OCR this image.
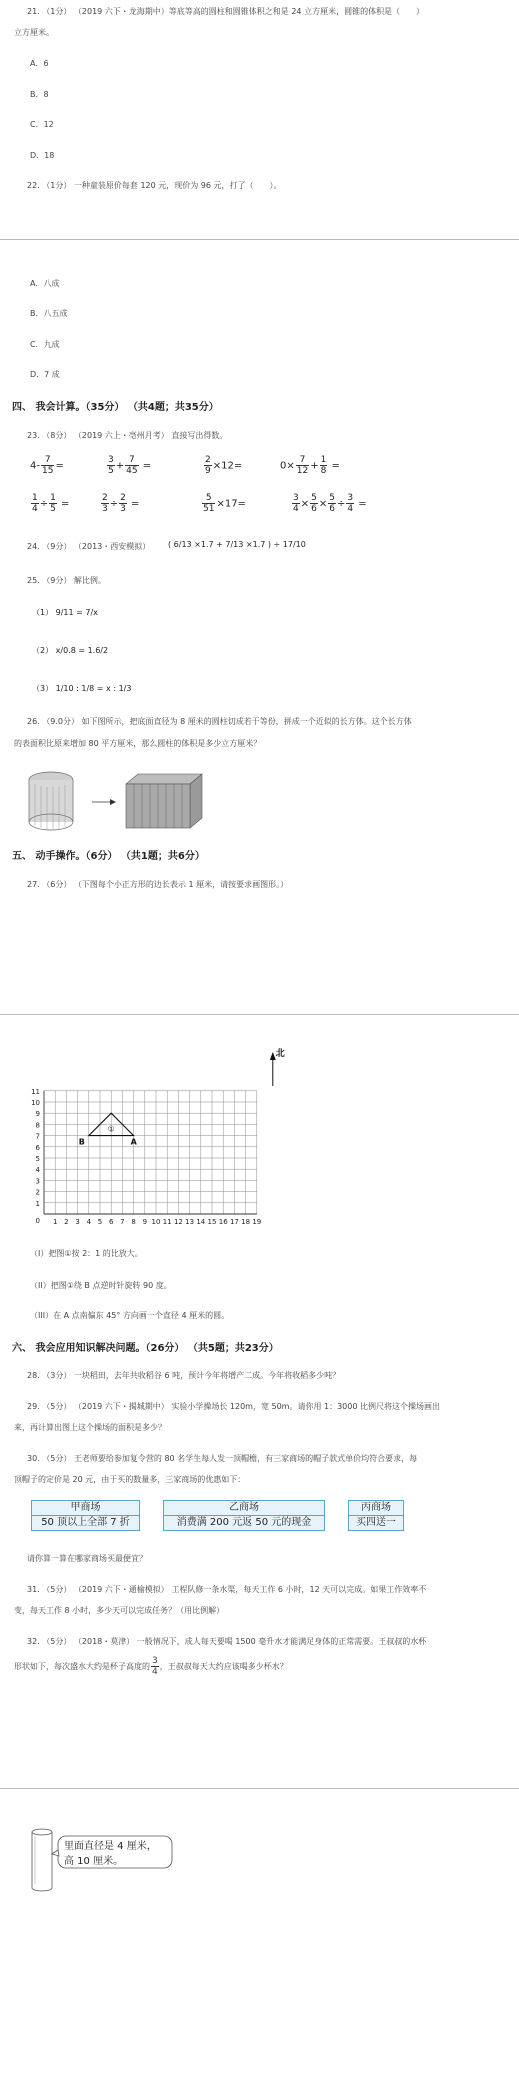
21. （1分） （2019 六下・龙海期中）等底等高的圆柱和圆锥体积之和是 24 立方厘米，圆锥的体积是（　　）
立方厘米。
A．6
B．8
C．12
D．18
22. （1分） 一种童装原价每套 120 元，现价为 96 元，打了（　　）。
A．八成
B．八五成
C．九成
D．7 成
四、 我会计算。（35分） （共4题；共35分）
23. （8分） （2019 六上・亳州月考） 直接写出得数。
$4- \frac{7}{15}$ =	$\frac{3}{5} + \frac{7}{45}$ =	$\frac{2}{9} \times 12=$	$0\times \frac{7}{12} + \frac{1}{8}$ =
$\frac{1}{4} \div \frac{1}{5}$ =	$\frac{2}{3} \div \frac{2}{3}$ =	$\frac{5}{51} \times 17=$	$\frac{3}{4} \times \frac{5}{6} \times \frac{5}{6} \div \frac{3}{4}$ =
24. （9分） （2013・西安模拟） ( 6/13 ×1.7 + 7/13 ×1.7 ) ÷ 17/10
25. （9分） 解比例。
（1） 9/11 = 7/x
（2） x/0.8 = 1.6/2
（3） 1/10 : 1/8 = x : 1/3
26. （9.0分） 如下图所示，把底面直径为 8 厘米的圆柱切成若干等份，拼成一个近似的长方体。这个长方体
的表面积比原来增加 80 平方厘米，那么圆柱的体积是多少立方厘米？
五、 动手操作。（6分） （共1题；共6分）
27. （6分） （下图每个小正方形的边长表示 1 厘米，请按要求画图形。）
11
10
9
8
7
6
5
4
3
2
1
0 1 2 3 4 5 6 7 8 9 10 11 12 13 14 15 16 17 18 19
B	A
①
北
（I）把图①按 2：1 的比放大。
（II）把图①绕 B 点逆时针旋转 90 度。
（III）在 A 点南偏东 45° 方向画一个直径 4 厘米的圆。
六、 我会应用知识解决问题。（26分） （共5题；共23分）
28. （3分） 一块稻田，去年共收稻谷 6 吨，预计今年将增产二成。今年将收稻多少吨？
29. （5分） （2019 六下・揭城期中） 实验小学操场长 120m，宽 50m。请你用 1：3000 比例尺将这个操场画出
来，再计算出图上这个操场的面积是多少？
30. （5分） 王老师要给参加复令营的 80 名学生每人发一顶帽檐，有三家商场的帽子款式单价均符合要求，每
顶帽子的定价是 20 元，由于买的数量多，三家商场的优惠如下：
甲商场
50 顶以上全部 7 折
乙商场
消费满 200 元返 50 元的现金
丙商场
买四送一
请你算一算在哪家商场买最便宜？
31. （5分） （2019 六下・通榆模拟） 工程队修一条水渠，每天工作 6 小时，12 天可以完成。如果工作效率不
变，每天工作 8 小时，多少天可以完成任务？（用比例解）
32. （5分） （2018・莫津） 一般情况下，成人每天要喝 1500 毫升水才能满足身体的正常需要。王叔叔的水杯
形状如下，每次盛水大约是杯子高度的 $\frac{3}{4}$ ，王叔叔每天大约应该喝多少杯水？
里面直径是 4 厘米，
高 10 厘米。
